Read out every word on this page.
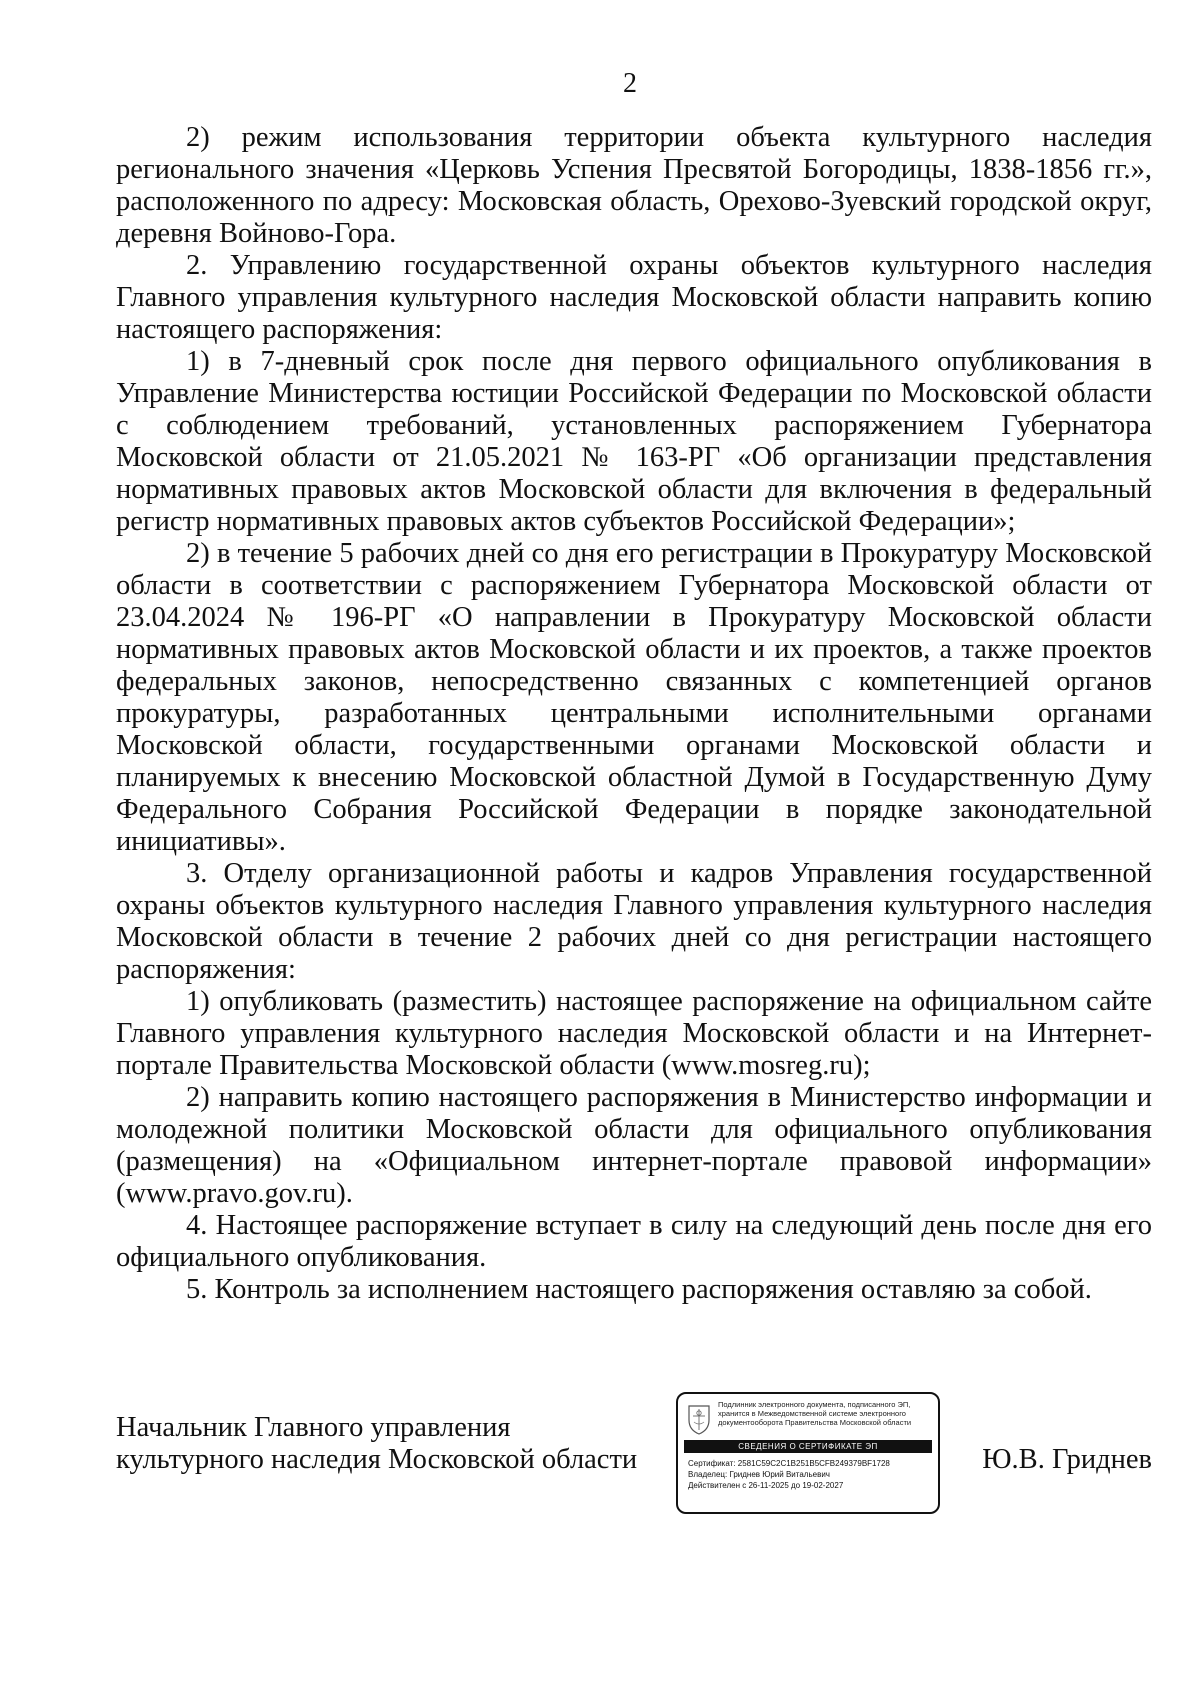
2

2) режим использования территории объекта культурного наследия регионального значения «Церковь Успения Пресвятой Богородицы, 1838-1856 гг.», расположенного по адресу: Московская область, Орехово-Зуевский городской округ, деревня Войново-Гора.

2. Управлению государственной охраны объектов культурного наследия Главного управления культурного наследия Московской области направить копию настоящего распоряжения:

1) в 7-дневный срок после дня первого официального опубликования в Управление Министерства юстиции Российской Федерации по Московской области с соблюдением требований, установленных распоряжением Губернатора Московской области от 21.05.2021 № 163-РГ «Об организации представления нормативных правовых актов Московской области для включения в федеральный регистр нормативных правовых актов субъектов Российской Федерации»;

2) в течение 5 рабочих дней со дня его регистрации в Прокуратуру Московской области в соответствии с распоряжением Губернатора Московской области от 23.04.2024 № 196-РГ «О направлении в Прокуратуру Московской области нормативных правовых актов Московской области и их проектов, а также проектов федеральных законов, непосредственно связанных с компетенцией органов прокуратуры, разработанных центральными исполнительными органами Московской области, государственными органами Московской области и планируемых к внесению Московской областной Думой в Государственную Думу Федерального Собрания Российской Федерации в порядке законодательной инициативы».

3. Отделу организационной работы и кадров Управления государственной охраны объектов культурного наследия Главного управления культурного наследия Московской области в течение 2 рабочих дней со дня регистрации настоящего распоряжения:

1) опубликовать (разместить) настоящее распоряжение на официальном сайте Главного управления культурного наследия Московской области и на Интернет-портале Правительства Московской области (www.mosreg.ru);

2) направить копию настоящего распоряжения в Министерство информации и молодежной политики Московской области для официального опубликования (размещения) на «Официальном интернет-портале правовой информации» (www.pravo.gov.ru).

4. Настоящее распоряжение вступает в силу на следующий день после дня его официального опубликования.

5. Контроль за исполнением настоящего распоряжения оставляю за собой.

Начальник Главного управления
культурного наследия Московской области
Подлинник электронного документа, подписанного ЭП,
хранится в Межведомственной системе электронного
документооборота Правительства Московской области
СВЕДЕНИЯ О СЕРТИФИКАТЕ ЭП
Сертификат: 2581C59C2C1B251B5CFB249379BF1728
Владелец: Гриднев Юрий Витальевич
Действителен с 26-11-2025 до 19-02-2027
Ю.В. Гриднев
